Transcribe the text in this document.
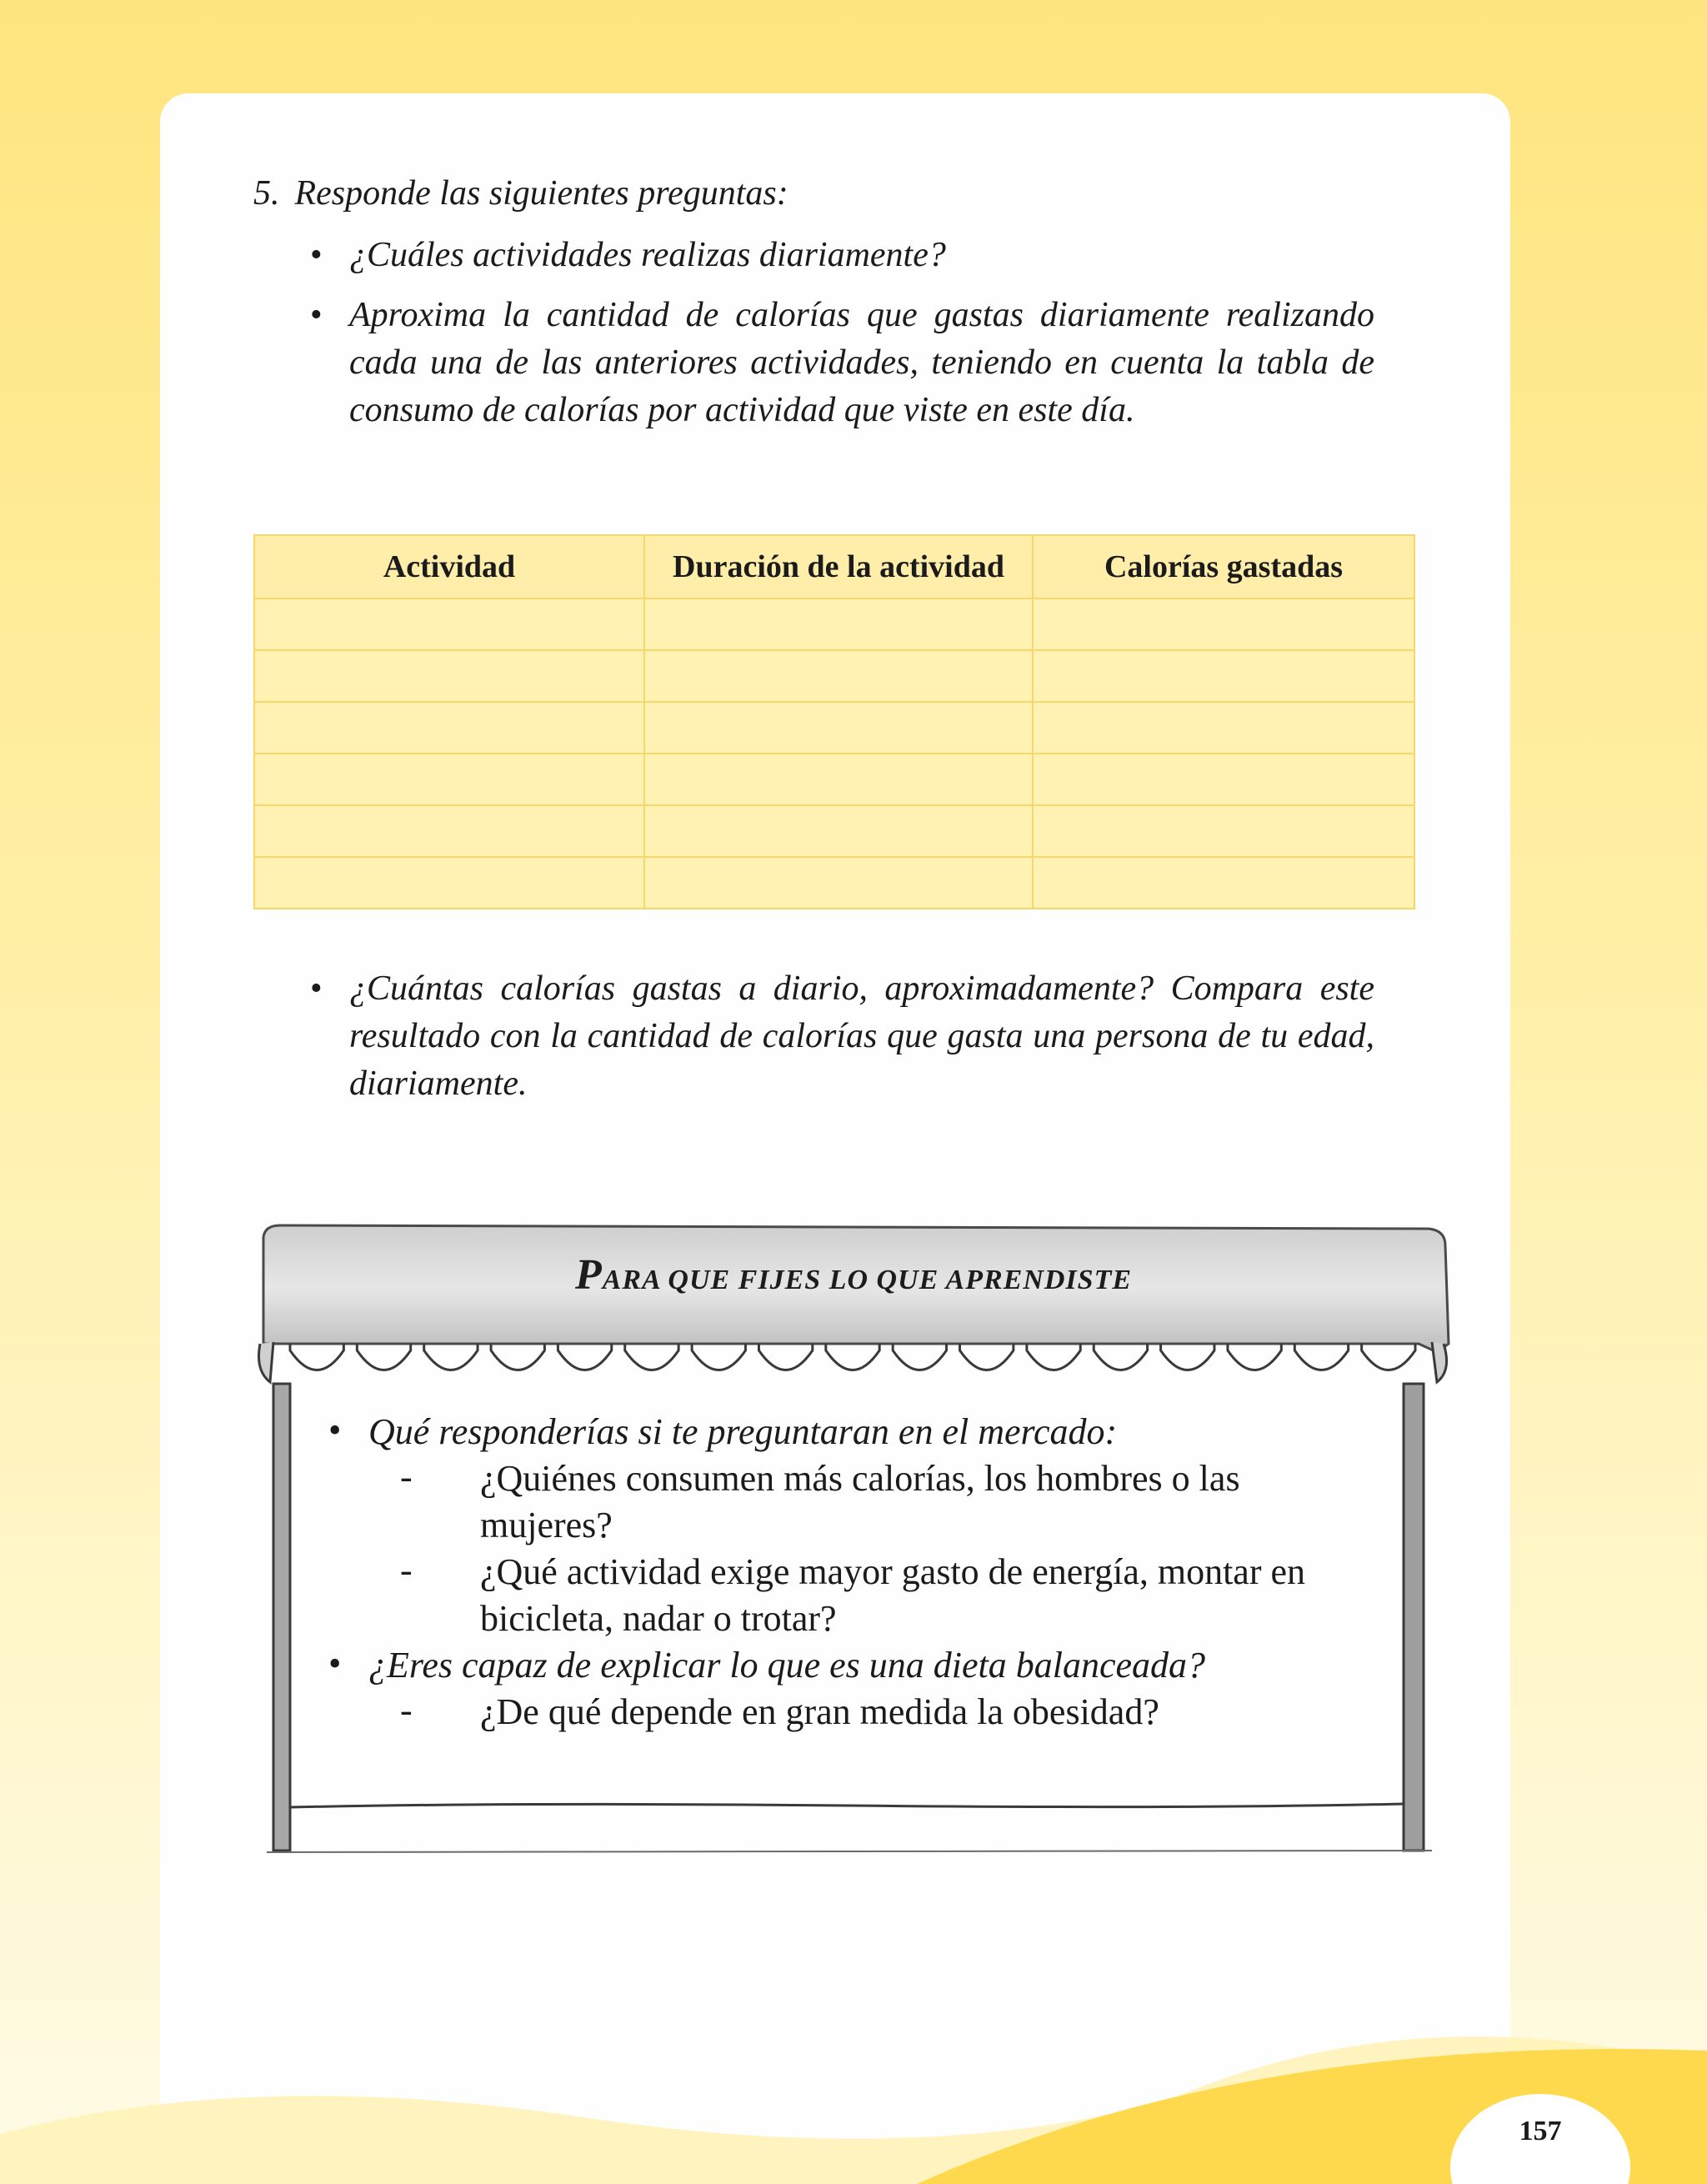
5. Responde las siguientes preguntas:

• ¿Cuáles actividades realizas diariamente?
• Aproxima la cantidad de calorías que gastas diariamente realizando cada una de las anteriores actividades, teniendo en cuenta la tabla de consumo de calorías por actividad que viste en este día.
Actividad	Duración de la actividad	Calorías gastadas

• ¿Cuántas calorías gastas a diario, aproximadamente? Compara este resultado con la cantidad de calorías que gasta una persona de tu edad, diariamente.
PARA QUE FIJES LO QUE APRENDISTE
• Qué responderías si te preguntaran en el mercado:
- ¿Quiénes consumen más calorías, los hombres o las mujeres?
- ¿Qué actividad exige mayor gasto de energía, montar en bicicleta, nadar o trotar?
• ¿Eres capaz de explicar lo que es una dieta balanceada?
- ¿De qué depende en gran medida la obesidad?
157
